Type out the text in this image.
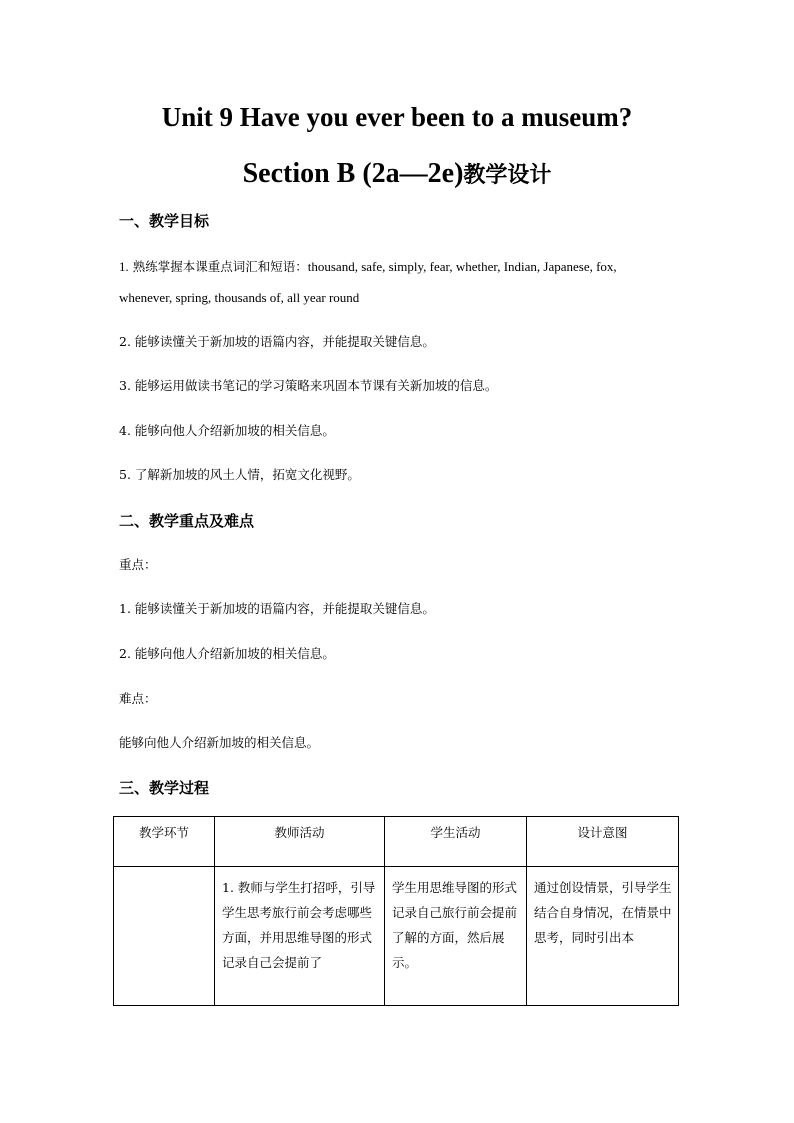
Unit 9 Have you ever been to a museum?
Section B (2a—2e)教学设计
一、教学目标
1. 熟练掌握本课重点词汇和短语：thousand, safe, simply, fear, whether, Indian, Japanese, fox,
whenever, spring, thousands of, all year round
2. 能够读懂关于新加坡的语篇内容，并能提取关键信息。
3. 能够运用做读书笔记的学习策略来巩固本节课有关新加坡的信息。
4. 能够向他人介绍新加坡的相关信息。
5. 了解新加坡的风土人情，拓宽文化视野。
二、教学重点及难点
重点：
1. 能够读懂关于新加坡的语篇内容，并能提取关键信息。
2. 能够向他人介绍新加坡的相关信息。
难点：
能够向他人介绍新加坡的相关信息。
三、教学过程
教学环节	教师活动	学生活动	设计意图

	1. 教师与学生打招呼，引导学生思考旅行前会考虑哪些方面，并用思维导图的形式记录自己会提前了	学生用思维导图的形式记录自己旅行前会提前了解的方面，然后展示。	通过创设情景，引导学生结合自身情况，在情景中思考，同时引出本
